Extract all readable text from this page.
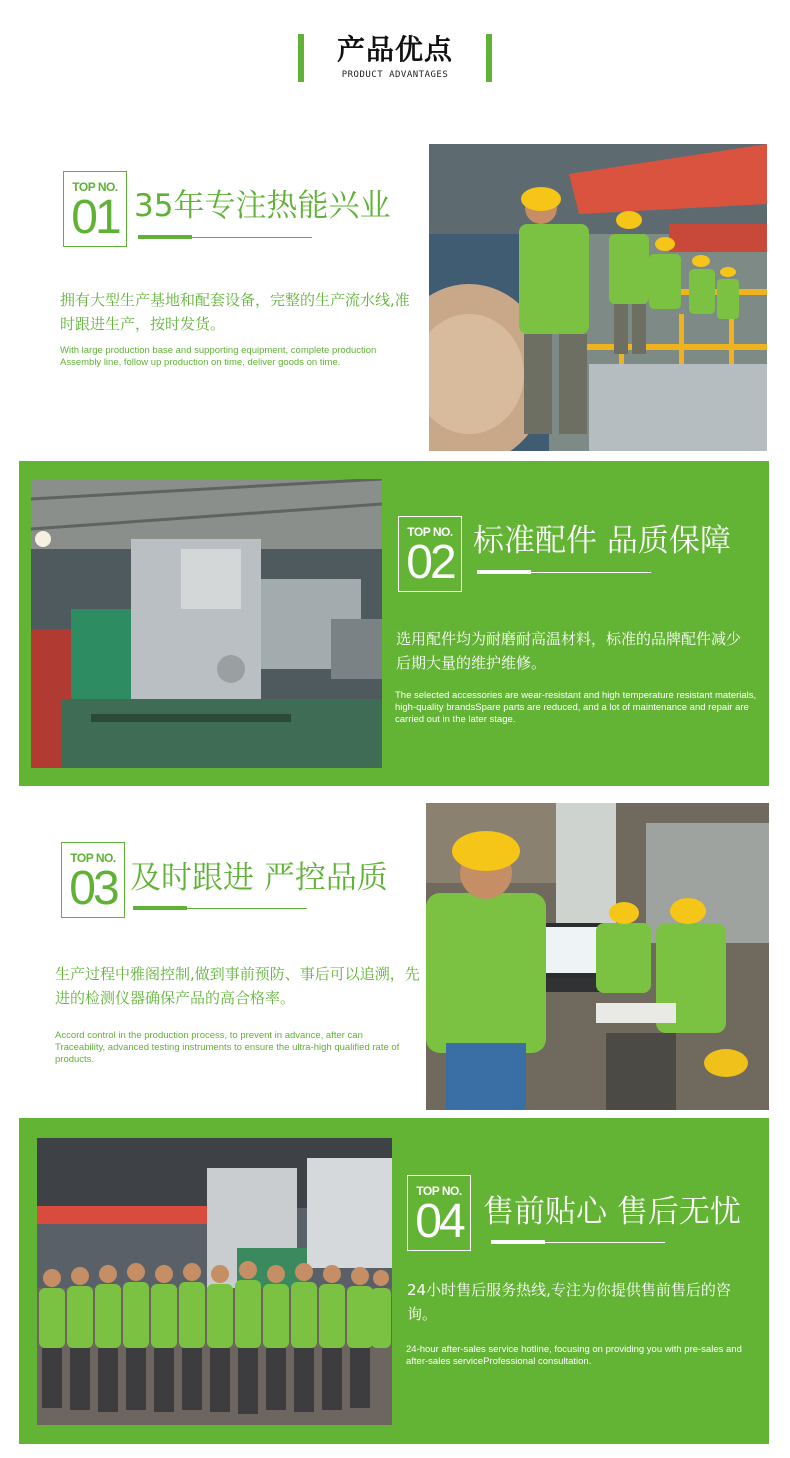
产品优点
PRODUCT ADVANTAGES
TOP NO.
01 35年专注热能兴业
拥有大型生产基地和配套设备，完整的生产流水线,准时跟进生产，按时发货。
With large production base and supporting equipment, complete production Assembly line, follow up production on time, deliver goods on time.
TOP NO.
02 标准配件 品质保障
选用配件均为耐磨耐高温材料，标准的品牌配件减少后期大量的维护维修。
The selected accessories are wear-resistant and high temperature resistant materials, high-quality brandsSpare parts are reduced, and a lot of maintenance and repair are carried out in the later stage.
TOP NO.
03 及时跟进 严控品质
生产过程中雅阁控制,做到事前预防、事后可以追溯，先进的检测仪器确保产品的高合格率。
Accord control in the production process, to prevent in advance, after can Traceability, advanced testing instruments to ensure the ultra-high qualified rate of products.
TOP NO.
04 售前贴心 售后无忧
24小时售后服务热线,专注为你提供售前售后的咨询。
24-hour after-sales service hotline, focusing on providing you with pre-sales and after-sales serviceProfessional consultation.
